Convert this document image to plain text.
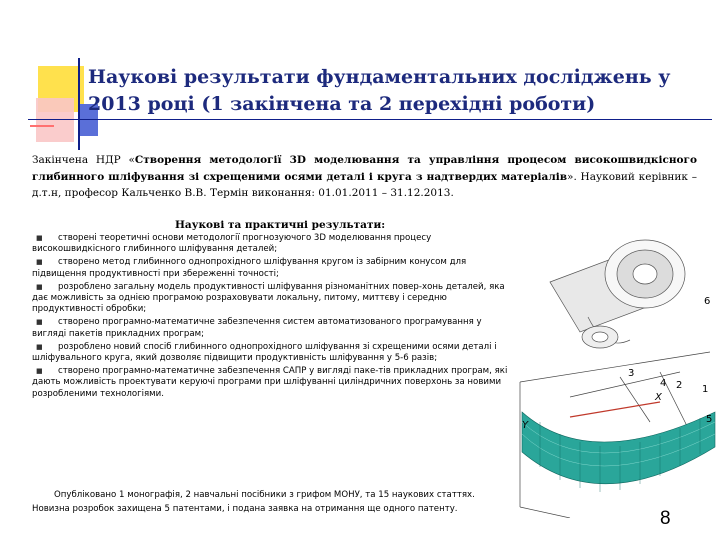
Наукові результати фундаментальних досліджень у 2013 році (1 закінчена та 2 перехідні роботи)
Закінчена НДР «Створення методології 3D моделювання та управління процесом високошвидкісного глибинного шліфування зі схрещеними осями деталі і круга з надтвердих матеріалів». Науковий керівник – д.т.н, професор Кальченко В.В. Термін виконання: 01.01.2011 – 31.12.2013.
Наукові та практичні результати:
■ створені теоретичні основи методології прогнозуючого 3D моделювання процесу високошвидкісного глибинного шліфування деталей;
■ створено метод глибинного однопрохідного шліфування кругом із забірним конусом для підвищення продуктивності при збереженні точності;
■ розроблено загальну модель продуктивності шліфування різноманітних повер-хонь деталей, яка дає можливість за однією програмою розраховувати локальну, питому, миттєву і середню продуктивності обробки;
■ створено програмно-математичне забезпечення систем автоматизованого програмування у вигляді пакетів прикладних програм;
■ розроблено новий спосіб глибинного однопрохідного шліфування зі схрещеними осями деталі і шліфувального круга, який дозволяє підвищити продуктивність шліфування у 5-6 разів;
■ створено програмно-математичне забезпечення САПР у вигляді паке-тів прикладних програм, які дають можливість проектувати керуючі програми при шліфуванні циліндричних поверхонь за новими розробленими технологіями.
Опубліковано 1 монографія, 2 навчальні посібники з грифом МОНУ, та 15 наукових статтях. Новизна розробок захищена 5 патентами, і подана заявка на отримання ще одного патенту.	8
6
3
4 2
X
1
5
Y
